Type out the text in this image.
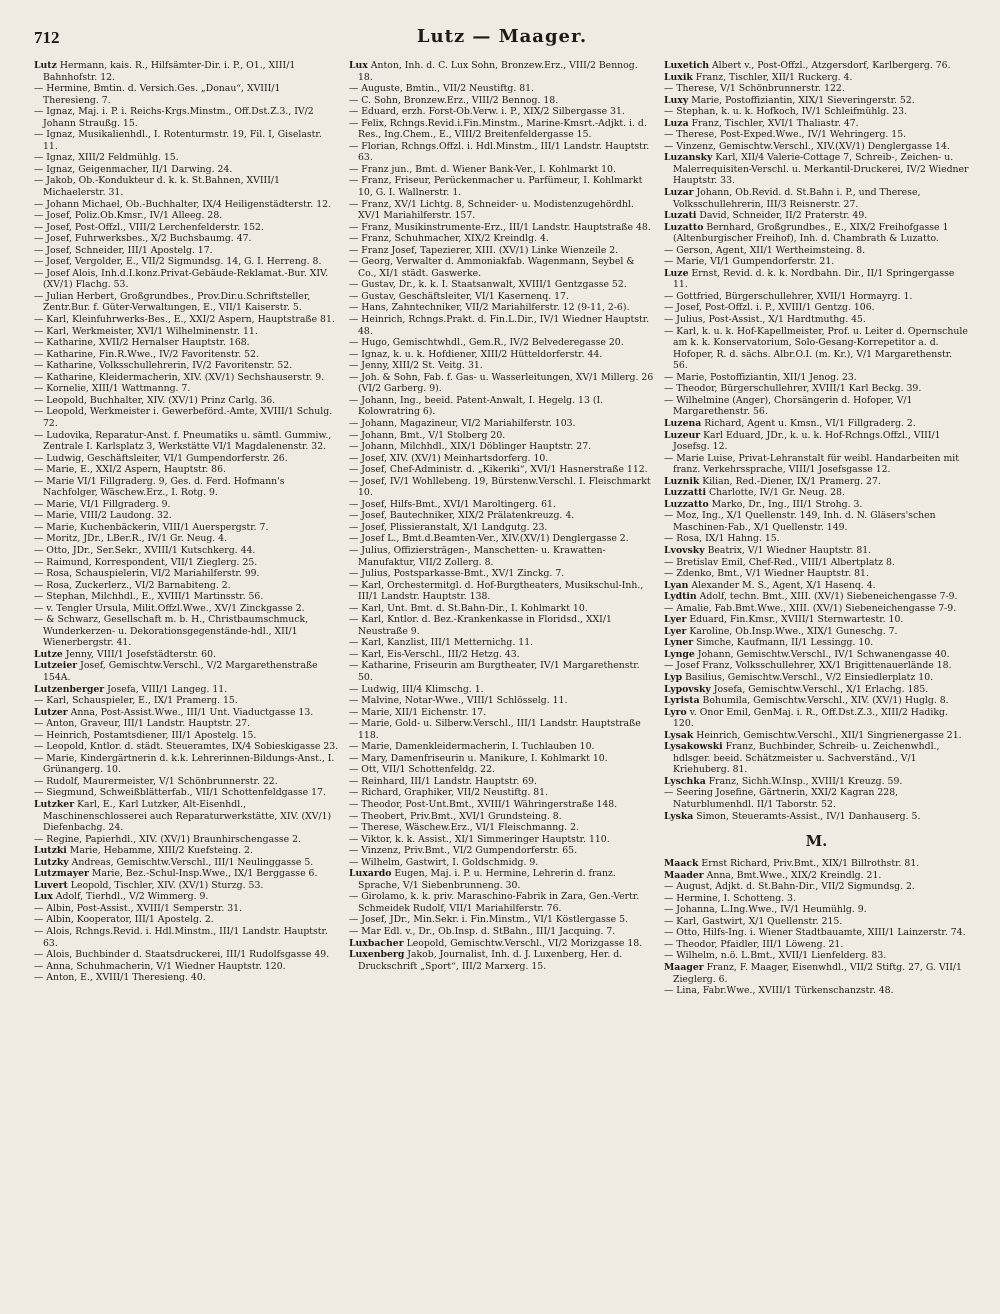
712	Lutz — Maager.
Lutz Hermann, kais. R., Hilfsämter-Dir. i. P., O1., XIII/1 Bahnhofstr. 12.
— Hermine, Bmtin. d. Versich.Ges. „Donau“, XVIII/1 Theresieng. 7.
— Ignaz, Maj. i. P. i. Reichs-Krgs.Minstm., Off.Dst.Z.3., IV/2 Johann Straußg. 15.
— Ignaz, Musikalienhdl., I. Rotenturmstr. 19, Fil. I, Giselastr. 11.
— Ignaz, XIII/2 Feldmühlg. 15.
— Ignaz, Geigenmacher, II/1 Darwing. 24.
— Jakob, Ob.-Kondukteur d. k. k. St.Bahnen, XVIII/1 Michaelerstr. 31.
— Johann Michael, Ob.-Buchhalter, IX/4 Heiligenstädterstr. 12.
— Josef, Poliz.Ob.Kmsr., IV/1 Alleeg. 28.
— Josef, Post-Offzl., VIII/2 Lerchenfelderstr. 152.
— Josef, Fuhrwerksbes., X/2 Buchsbaumg. 47.
— Josef, Schneider, III/1 Apostelg. 17.
— Josef, Vergolder, E., VII/2 Sigmundsg. 14, G. I. Herreng. 8.
— Josef Alois, Inh.d.I.konz.Privat-Gebäude-Reklamat.-Bur. XIV. (XV/1) Flachg. 53.
— Julian Herbert, Großgrundbes., Prov.Dir.u.Schriftsteller, Zentr.Bur. f. Güter-Verwaltungen, E., VII/1 Kaiserstr. 5.
— Karl, Kleinfuhrwerks-Bes., E., XXI/2 Aspern, Hauptstraße 81.
— Karl, Werkmeister, XVI/1 Wilhelminenstr. 11.
— Katharine, XVII/2 Hernalser Hauptstr. 168.
— Katharine, Fin.R.Wwe., IV/2 Favoritenstr. 52.
— Katharine, Volksschullehrerin, IV/2 Favoritenstr. 52.
— Katharine, Kleidermacherin, XIV. (XV/1) Sechshauserstr. 9.
— Kornelie, XIII/1 Wattmanng. 7.
— Leopold, Buchhalter, XIV. (XV/1) Prinz Carlg. 36.
— Leopold, Werkmeister i. Gewerbeförd.-Amte, XVIII/1 Schulg. 72.
— Ludovika, Reparatur-Anst. f. Pneumatiks u. sämtl. Gummiw., Zentrale I. Karlsplatz 3, Werkstätte VI/1 Magdalenenstr. 32.
— Ludwig, Geschäftsleiter, VI/1 Gumpendorferstr. 26.
— Marie, E., XXI/2 Aspern, Hauptstr. 86.
— Marie VI/1 Fillgraderg. 9, Ges. d. Ferd. Hofmann's Nachfolger, Wäschew.Erz., I. Rotg. 9.
— Marie, VI/1 Fillgraderg. 9.
— Marie, VIII/2 Laudong. 32.
— Marie, Kuchenbäckerin, VIII/1 Auerspergstr. 7.
— Moritz, JDr., LBer.R., IV/1 Gr. Neug. 4.
— Otto, JDr., Ser.Sekr., XVIII/1 Kutschkerg. 44.
— Raimund, Korrespondent, VII/1 Zieglerg. 25.
— Rosa, Schauspielerin, VI/2 Mariahilferstr. 99.
— Rosa, Zuckerlerz., VI/2 Barnabiteng. 2.
— Stephan, Milchhdl., E., XVIII/1 Martinsstr. 56.
— v. Tengler Ursula, Milit.Offzl.Wwe., XV/1 Zinckgasse 2.
— & Schwarz, Gesellschaft m. b. H., Christbaumschmuck, Wunderkerzen- u. Dekorationsgegenstände-hdl., XII/1 Wienerbergstr. 41.
Lutze Jenny, VIII/1 Josefstädterstr. 60.
Lutzeier Josef, Gemischtw.Verschl., V/2 Margarethenstraße 154A.
Lutzenberger Josefa, VIII/1 Langeg. 11.
— Karl, Schauspieler, E., IX/1 Pramerg. 15.
Lutzer Anna, Post-Assist.Wwe., III/1 Unt. Viaductgasse 13.
— Anton, Graveur, III/1 Landstr. Hauptstr. 27.
— Heinrich, Postamtsdiener, III/1 Apostelg. 15.
— Leopold, Kntlor. d. städt. Steueramtes, IX/4 Sobieskigasse 23.
— Marie, Kindergärtnerin d. k.k. Lehrerinnen-Bildungs-Anst., I. Grünangerg. 10.
— Rudolf, Maurermeister, V/1 Schönbrunnerstr. 22.
— Siegmund, Schweißblätterfab., VII/1 Schottenfeldgasse 17.
Lutzker Karl, E., Karl Lutzker, Alt-Eisenhdl., Maschinenschlosserei auch Reparaturwerkstätte, XIV. (XV/1) Diefenbachg. 24.
— Regine, Papierhdl., XIV. (XV/1) Braunhirschengasse 2.
Lutzki Marie, Hebamme, XIII/2 Kuefsteing. 2.
Lutzky Andreas, Gemischtw.Verschl., III/1 Neulinggasse 5.
Lutzmayer Marie, Bez.-Schul-Insp.Wwe., IX/1 Berggasse 6.
Luvert Leopold, Tischler, XIV. (XV/1) Sturzg. 53.
Lux Adolf, Tierhdl., V/2 Wimmerg. 9.
— Albin, Post-Assist., XVIII/1 Semperstr. 31.
— Albin, Kooperator, III/1 Apostelg. 2.
— Alois, Rchngs.Revid. i. Hdl.Minstm., III/1 Landstr. Hauptstr. 63.
— Alois, Buchbinder d. Staatsdruckerei, III/1 Rudolfsgasse 49.
— Anna, Schuhmacherin, V/1 Wiedner Hauptstr. 120.
— Anton, E., XVIII/1 Theresieng. 40.
Lux Anton, Inh. d. C. Lux Sohn, Bronzew.Erz., VIII/2 Bennog. 18.
— Auguste, Bmtin., VII/2 Neustiftg. 81.
— C. Sohn, Bronzew.Erz., VIII/2 Bennog. 18.
— Eduard, erzh. Forst-Ob.Verw. i. P., XIX/2 Silbergasse 31.
— Felix, Rchngs.Revid.i.Fin.Minstm., Marine-Kmsrt.-Adjkt. i. d. Res., Ing.Chem., E., VIII/2 Breitenfeldergasse 15.
— Florian, Rchngs.Offzl. i. Hdl.Minstm., III/1 Landstr. Hauptstr. 63.
— Franz jun., Bmt. d. Wiener Bank-Ver., I. Kohlmarkt 10.
— Franz, Friseur, Perückenmacher u. Parfümeur, I. Kohlmarkt 10, G. I. Wallnerstr. 1.
— Franz, XV/1 Lichtg. 8, Schneider- u. Modistenzugehördhl. XV/1 Mariahilferstr. 157.
— Franz, Musikinstrumente-Erz., III/1 Landstr. Hauptstraße 48.
— Franz, Schuhmacher, XIX/2 Kreindlg. 4.
— Franz Josef, Tapezierer, XIII. (XV/1) Linke Wienzeile 2.
— Georg, Verwalter d. Ammoniakfab. Wagenmann, Seybel & Co., XI/1 städt. Gaswerke.
— Gustav, Dr., k. k. I. Staatsanwalt, XVIII/1 Gentzgasse 52.
— Gustav, Geschäftsleiter, VI/1 Kasernenq. 17.
— Hans, Zahntechniker, VII/2 Mariahilferstr. 12 (9-11, 2-6).
— Heinrich, Rchngs.Prakt. d. Fin.L.Dir., IV/1 Wiedner Hauptstr. 48.
— Hugo, Gemischtwhdl., Gem.R., IV/2 Belvederegasse 20.
— Ignaz, k. u. k. Hofdiener, XIII/2 Hütteldorferstr. 44.
— Jenny, XIII/2 St. Veitg. 31.
— Joh. & Sohn, Fab. f. Gas- u. Wasserleitungen, XV/1 Millerg. 26 (VI/2 Garberg. 9).
— Johann, Ing., beeid. Patent-Anwalt, I. Hegelg. 13 (I. Kolowratring 6).
— Johann, Magazineur, VI/2 Mariahilferstr. 103.
— Johann, Bmt., V/1 Stolberg 20.
— Johann, Milchhdl., XIX/1 Döblinger Hauptstr. 27.
— Josef, XIV. (XV/1) Meinhartsdorferg. 10.
— Josef, Chef-Administr. d. „Kikeriki“, XVI/1 Hasnerstraße 112.
— Josef, IV/1 Wohllebeng. 19, Bürstenw.Verschl. I. Fleischmarkt 10.
— Josef, Hilfs-Bmt., XVI/1 Maroltingerg. 61.
— Josef, Bautechniker, XIX/2 Prälatenkreuzg. 4.
— Josef, Plissieranstalt, X/1 Landgutg. 23.
— Josef L., Bmt.d.Beamten-Ver., XIV.(XV/1) Denglergasse 2.
— Julius, Offiziersträgen-, Manschetten- u. Krawatten-Manufaktur, VII/2 Zollerg. 8.
— Julius, Postsparkasse-Bmt., XV/1 Zinckg. 7.
— Karl, Orchestermitgl. d. Hof-Burgtheaters, Musikschul-Inh., III/1 Landstr. Hauptstr. 138.
— Karl, Unt. Bmt. d. St.Bahn-Dir., I. Kohlmarkt 10.
— Karl, Kntlor. d. Bez.-Krankenkasse in Floridsd., XXI/1 Neustraße 9.
— Karl, Kanzlist, III/1 Metternichg. 11.
— Karl, Eis-Verschl., III/2 Hetzg. 43.
— Katharine, Friseurin am Burgtheater, IV/1 Margarethenstr. 50.
— Ludwig, III/4 Klimschg. 1.
— Malvine, Notar-Wwe., VIII/1 Schlösselg. 11.
— Marie, XII/1 Eichenstr. 17.
— Marie, Gold- u. Silberw.Verschl., III/1 Landstr. Hauptstraße 118.
— Marie, Damenkleidermacherin, I. Tuchlauben 10.
— Mary, Damenfriseurin u. Manikure, I. Kohlmarkt 10.
— Ott, VII/1 Schottenfeldg. 22.
— Reinhard, III/1 Landstr. Hauptstr. 69.
— Richard, Graphiker, VII/2 Neustiftg. 81.
— Theodor, Post-Unt.Bmt., XVIII/1 Währingerstraße 148.
— Theobert, Priv.Bmt., XVI/1 Grundsteing. 8.
— Therese, Wäschew.Erz., VI/1 Fleischmanng. 2.
— Viktor, k. k. Assist., XI/1 Simmeringer Hauptstr. 110.
— Vinzenz, Priv.Bmt., VI/2 Gumpendorferstr. 65.
— Wilhelm, Gastwirt, I. Goldschmidg. 9.
Luxardo Eugen, Maj. i. P. u. Hermine, Lehrerin d. franz. Sprache, V/1 Siebenbrunneng. 30.
— Girolamo, k. k. priv. Maraschino-Fabrik in Zara, Gen.-Vertr. Schmeidek Rudolf, VII/1 Mariahilferstr. 76.
— Josef, JDr., Min.Sekr. i. Fin.Minstm., VI/1 Köstlergasse 5.
— Mar Edl. v., Dr., Ob.Insp. d. StBahn., III/1 Jacquing. 7.
Luxbacher Leopold, Gemischtw.Verschl., VI/2 Morizgasse 18.
Luxenberg Jakob, Journalist, Inh. d. J. Luxenberg, Her. d. Druckschrift „Sport“, III/2 Marxerg. 15.
Luxetich Albert v., Post-Offzl., Atzgersdorf, Karlbergerg. 76.
Luxik Franz, Tischler, XII/1 Ruckerg. 4.
— Therese, V/1 Schönbrunnerstr. 122.
Luxy Marie, Postoffiziantin, XIX/1 Sieveringerstr. 52.
— Stephan, k. u. k. Hofkoch, IV/1 Schleifmühlg. 23.
Luza Franz, Tischler, XVI/1 Thaliastr. 47.
— Therese, Post-Exped.Wwe., IV/1 Wehringerg. 15.
— Vinzenz, Gemischtw.Verschl., XIV.(XV/1) Denglergasse 14.
Luzansky Karl, XII/4 Valerie-Cottage 7, Schreib-, Zeichen- u. Malerrequisiten-Verschl. u. Merkantil-Druckerei, IV/2 Wiedner Hauptstr. 33.
Luzar Johann, Ob.Revid. d. St.Bahn i. P., und Therese, Volksschullehrerin, III/3 Reisnerstr. 27.
Luzati David, Schneider, II/2 Praterstr. 49.
Luzatto Bernhard, Großgrundbes., E., XIX/2 Freihofgasse 1 (Altenburgischer Freihof), Inh. d. Chambrath & Luzatto.
— Gerson, Agent, XII/1 Wertheimsteing. 8.
— Marie, VI/1 Gumpendorferstr. 21.
Luze Ernst, Revid. d. k. k. Nordbahn. Dir., II/1 Springergasse 11.
— Gottfried, Bürgerschullehrer, XVII/1 Hormayrg. 1.
— Josef, Post-Offzl. i. P., XVIII/1 Gentzg. 106.
— Julius, Post-Assist., X/1 Hardtmuthg. 45.
— Karl, k. u. k. Hof-Kapellmeister, Prof. u. Leiter d. Opernschule am k. k. Konservatorium, Solo-Gesang-Korrepetitor a. d. Hofoper, R. d. sächs. Albr.O.I. (m. Kr.), V/1 Margarethenstr. 56.
— Marie, Postoffiziantin, XII/1 Jenog. 23.
— Theodor, Bürgerschullehrer, XVIII/1 Karl Beckg. 39.
— Wilhelmine (Anger), Chorsängerin d. Hofoper, V/1 Margarethenstr. 56.
Luzena Richard, Agent u. Kmsn., VI/1 Fillgraderg. 2.
Luzeur Karl Eduard, JDr., k. u. k. Hof-Rchngs.Offzl., VIII/1 Josefsg. 12.
— Marie Luise, Privat-Lehranstalt für weibl. Handarbeiten mit franz. Verkehrssprache, VIII/1 Josefsgasse 12.
Luznik Kilian, Red.-Diener, IX/1 Pramerg. 27.
Luzzatti Charlotte, IV/1 Gr. Neug. 28.
Luzzatto Marko, Dr., Ing., III/1 Strohg. 3.
— Moz, Ing., X/1 Quellenstr. 149, Inh. d. N. Gläsers'schen Maschinen-Fab., X/1 Quellenstr. 149.
— Rosa, IX/1 Hahng. 15.
Lvovsky Beatrix, V/1 Wiedner Hauptstr. 81.
— Bretislav Emil, Chef-Red., VIII/1 Albertplatz 8.
— Zdenko, Bmt., V/1 Wiedner Hauptstr. 81.
Lyan Alexander M. S., Agent, X/1 Hasenq. 4.
Lydtin Adolf, techn. Bmt., XIII. (XV/1) Siebeneichengasse 7-9.
— Amalie, Fab.Bmt.Wwe., XIII. (XV/1) Siebeneichengasse 7-9.
Lyer Eduard, Fin.Kmsr., XVIII/1 Sternwartestr. 10.
Lyer Karoline, Ob.Insp.Wwe., XIX/1 Guneschg. 7.
Lyner Simche, Kaufmann, II/1 Lessingg. 10.
Lynge Johann, Gemischtw.Verschl., IV/1 Schwanengasse 40.
— Josef Franz, Volksschullehrer, XX/1 Brigittenauerlände 18.
Lyp Basilius, Gemischtw.Verschl., V/2 Einsiedlerplatz 10.
Lypovsky Josefa, Gemischtw.Verschl., X/1 Erlachg. 185.
Lyrista Bohumila, Gemischtw.Verschl., XIV. (XV/1) Huglg. 8.
Lyro v. Onor Emil, GenMaj. i. R., Off.Dst.Z.3., XIII/2 Hadikg. 120.
Lysak Heinrich, Gemischtw.Verschl., XII/1 Singrienergasse 21.
Lysakowski Franz, Buchbinder, Schreib- u. Zeichenwhdl., hdlsger. beeid. Schätzmeister u. Sachverständ., V/1 Kriehuberg. 81.
Lyschka Franz, Sichh.W.Insp., XVIII/1 Kreuzg. 59.
— Seering Josefine, Gärtnerin, XXI/2 Kagran 228, Naturblumenhdl. II/1 Taborstr. 52.
Lyska Simon, Steueramts-Assist., IV/1 Danhauserg. 5.
M.
Maack Ernst Richard, Priv.Bmt., XIX/1 Billrothstr. 81.
Maader Anna, Bmt.Wwe., XIX/2 Kreindlg. 21.
— August, Adjkt. d. St.Bahn-Dir., VII/2 Sigmundsg. 2.
— Hermine, I. Schotteng. 3.
— Johanna, L.Ing.Wwe., IV/1 Heumühlg. 9.
— Karl, Gastwirt, X/1 Quellenstr. 215.
— Otto, Hilfs-Ing. i. Wiener Stadtbauamte, XIII/1 Lainzerstr. 74.
— Theodor, Pfaidler, III/1 Löweng. 21.
— Wilhelm, n.ö. L.Bmt., XVII/1 Lienfelderg. 83.
Maager Franz, F. Maager, Eisenwhdl., VII/2 Stiftg. 27, G. VII/1 Zieglerg. 6.
— Lina, Fabr.Wwe., XVIII/1 Türkenschanzstr. 48.
